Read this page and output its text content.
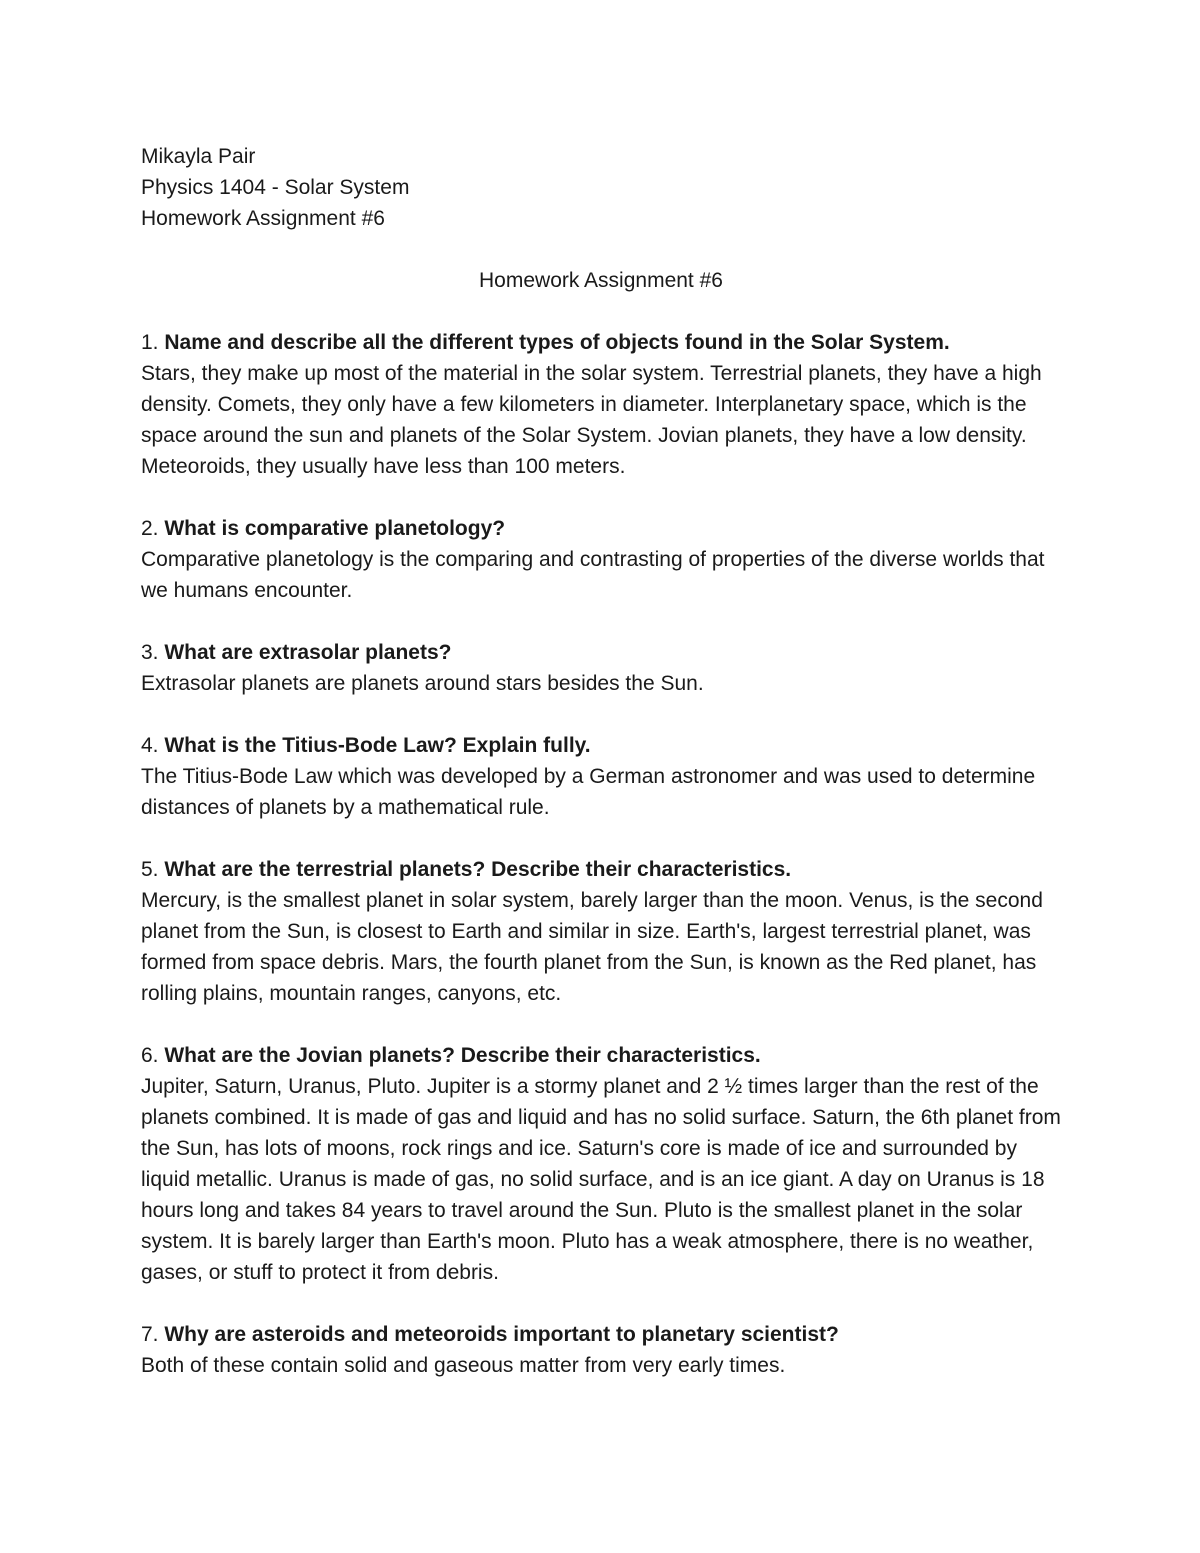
Mikayla Pair
Physics 1404 - Solar System
Homework Assignment #6
Homework Assignment #6
1. Name and describe all the different types of objects found in the Solar System.
Stars, they make up most of the material in the solar system. Terrestrial planets, they have a high density. Comets, they only have a few kilometers in diameter. Interplanetary space, which is the space around the sun and planets of the Solar System. Jovian planets, they have a low density. Meteoroids, they usually have less than 100 meters.
2. What is comparative planetology?
Comparative planetology is the comparing and contrasting of properties of the diverse worlds that we humans encounter.
3. What are extrasolar planets?
Extrasolar planets are planets around stars besides the Sun.
4. What is the Titius-Bode Law? Explain fully.
The Titius-Bode Law which was developed by a German astronomer and was used to determine distances of planets by a mathematical rule.
5. What are the terrestrial planets? Describe their characteristics.
Mercury, is the smallest planet in solar system, barely larger than the moon. Venus, is the second planet from the Sun, is closest to Earth and similar in size. Earth's, largest terrestrial planet, was formed from space debris. Mars, the fourth planet from the Sun, is known as the Red planet, has rolling plains, mountain ranges, canyons, etc.
6. What are the Jovian planets? Describe their characteristics.
Jupiter, Saturn, Uranus, Pluto. Jupiter is a stormy planet and 2 ½ times larger than the rest of the planets combined. It is made of gas and liquid and has no solid surface. Saturn, the 6th planet from the Sun, has lots of moons, rock rings and ice. Saturn's core is made of ice and surrounded by liquid metallic. Uranus is made of gas, no solid surface, and is an ice giant. A day on Uranus is 18 hours long and takes 84 years to travel around the Sun. Pluto is the smallest planet in the solar system. It is barely larger than Earth's moon. Pluto has a weak atmosphere, there is no weather, gases, or stuff to protect it from debris.
7. Why are asteroids and meteoroids important to planetary scientist?
Both of these contain solid and gaseous matter from very early times.
